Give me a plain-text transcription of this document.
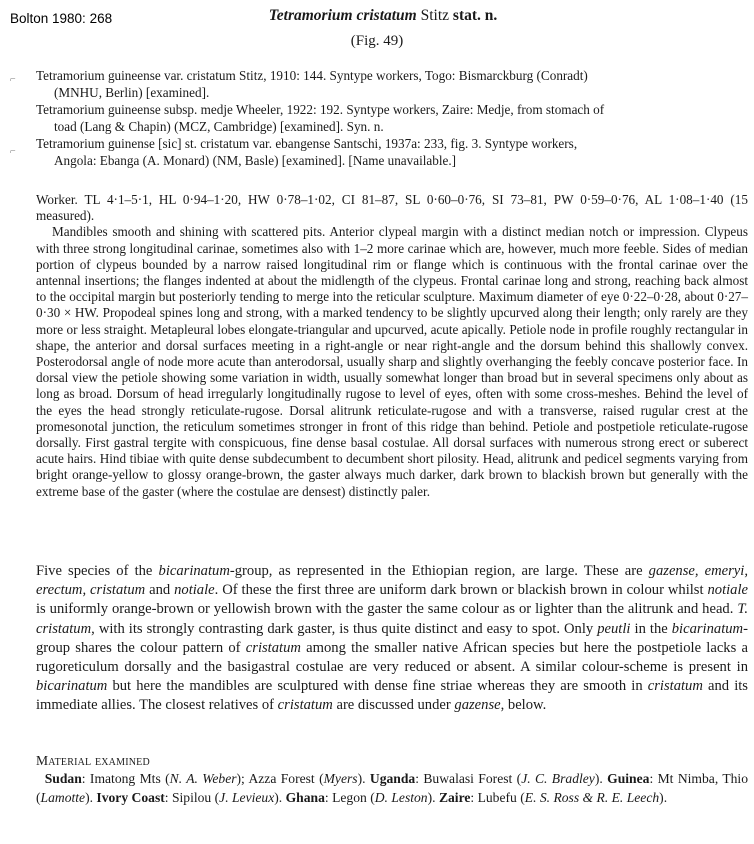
Bolton 1980: 268	Tetramorium cristatum Stitz stat. n.
(Fig. 49)
⌐
⌐
Tetramorium guineense var. cristatum Stitz, 1910: 144. Syntype workers, Togo: Bismarckburg (Conradt)
(MNHU, Berlin) [examined].
Tetramorium guineense subsp. medje Wheeler, 1922: 192. Syntype workers, Zaire: Medje, from stomach of
toad (Lang & Chapin) (MCZ, Cambridge) [examined]. Syn. n.
Tetramorium guinense [sic] st. cristatum var. ebangense Santschi, 1937a: 233, fig. 3. Syntype workers,
Angola: Ebanga (A. Monard) (NM, Basle) [examined]. [Name unavailable.]

Worker. TL 4·1–5·1, HL 0·94–1·20, HW 0·78–1·02, CI 81–87, SL 0·60–0·76, SI 73–81, PW 0·59–0·76, AL 1·08–1·40 (15 measured).

Mandibles smooth and shining with scattered pits. Anterior clypeal margin with a distinct median notch or impression. Clypeus with three strong longitudinal carinae, sometimes also with 1–2 more carinae which are, however, much more feeble. Sides of median portion of clypeus bounded by a narrow raised longitudinal rim or flange which is continuous with the frontal carinae over the antennal insertions; the flanges indented at about the midlength of the clypeus. Frontal carinae long and strong, reaching back almost to the occipital margin but posteriorly tending to merge into the reticular sculpture. Maximum diameter of eye 0·22–0·28, about 0·27–0·30 × HW. Propodeal spines long and strong, with a marked tendency to be slightly upcurved along their length; only rarely are they more or less straight. Metapleural lobes elongate-triangular and upcurved, acute apically. Petiole node in profile roughly rectangular in shape, the anterior and dorsal surfaces meeting in a right-angle or near right-angle and the dorsum behind this shallowly convex. Posterodorsal angle of node more acute than anterodorsal, usually sharp and slightly overhanging the feebly concave posterior face. In dorsal view the petiole showing some variation in width, usually somewhat longer than broad but in several specimens only about as long as broad. Dorsum of head irregularly longitudinally rugose to level of eyes, often with some cross-meshes. Behind the level of the eyes the head strongly reticulate-rugose. Dorsal alitrunk reticulate-rugose and with a transverse, raised rugular crest at the promesonotal junction, the reticulum sometimes stronger in front of this ridge than behind. Petiole and postpetiole reticulate-rugose dorsally. First gastral tergite with conspicuous, fine dense basal costulae. All dorsal surfaces with numerous strong erect or suberect acute hairs. Hind tibiae with quite dense subdecumbent to decumbent short pilosity. Head, alitrunk and pedicel segments varying from bright orange-yellow to glossy orange-brown, the gaster always much darker, dark brown to blackish brown but generally with the extreme base of the gaster (where the costulae are densest) distinctly paler.

Five species of the bicarinatum-group, as represented in the Ethiopian region, are large. These are gazense, emeryi, erectum, cristatum and notiale. Of these the first three are uniform dark brown or blackish brown in colour whilst notiale is uniformly orange-brown or yellowish brown with the gaster the same colour as or lighter than the alitrunk and head. T. cristatum, with its strongly contrasting dark gaster, is thus quite distinct and easy to spot. Only peutli in the bicarinatum-group shares the colour pattern of cristatum among the smaller native African species but here the postpetiole lacks a rugoreticulum dorsally and the basigastral costulae are very reduced or absent. A similar colour-scheme is present in bicarinatum but here the mandibles are sculptured with dense fine striae whereas they are smooth in cristatum and its immediate allies. The closest relatives of cristatum are discussed under gazense, below.
Material examined
Sudan: Imatong Mts (N. A. Weber); Azza Forest (Myers). Uganda: Buwalasi Forest (J. C. Bradley). Guinea: Mt Nimba, Thio (Lamotte). Ivory Coast: Sipilou (J. Levieux). Ghana: Legon (D. Leston). Zaire: Lubefu (E. S. Ross & R. E. Leech).
